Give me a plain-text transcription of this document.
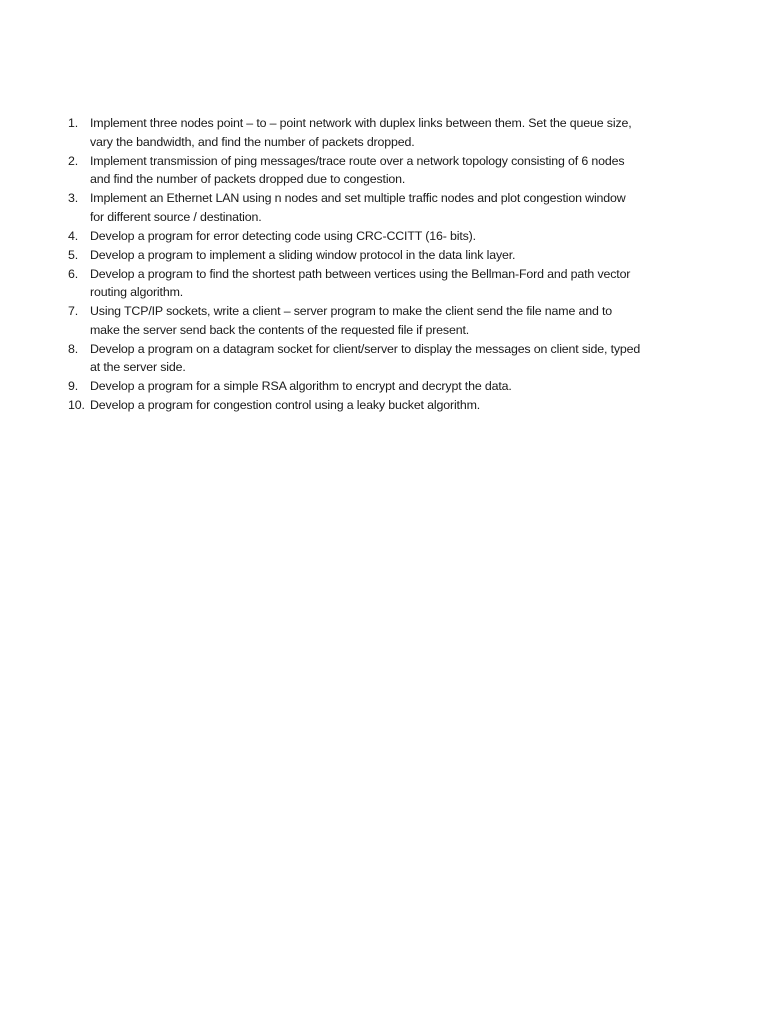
1. Implement three nodes point – to – point network with duplex links between them. Set the queue size, vary the bandwidth, and find the number of packets dropped.
2. Implement transmission of ping messages/trace route over a network topology consisting of 6 nodes and find the number of packets dropped due to congestion.
3. Implement an Ethernet LAN using n nodes and set multiple traffic nodes and plot congestion window for different source / destination.
4. Develop a program for error detecting code using CRC-CCITT (16- bits).
5. Develop a program to implement a sliding window protocol in the data link layer.
6. Develop a program to find the shortest path between vertices using the Bellman-Ford and path vector routing algorithm.
7. Using TCP/IP sockets, write a client – server program to make the client send the file name and to make the server send back the contents of the requested file if present.
8. Develop a program on a datagram socket for client/server to display the messages on client side, typed at the server side.
9. Develop a program for a simple RSA algorithm to encrypt and decrypt the data.
10. Develop a program for congestion control using a leaky bucket algorithm.
